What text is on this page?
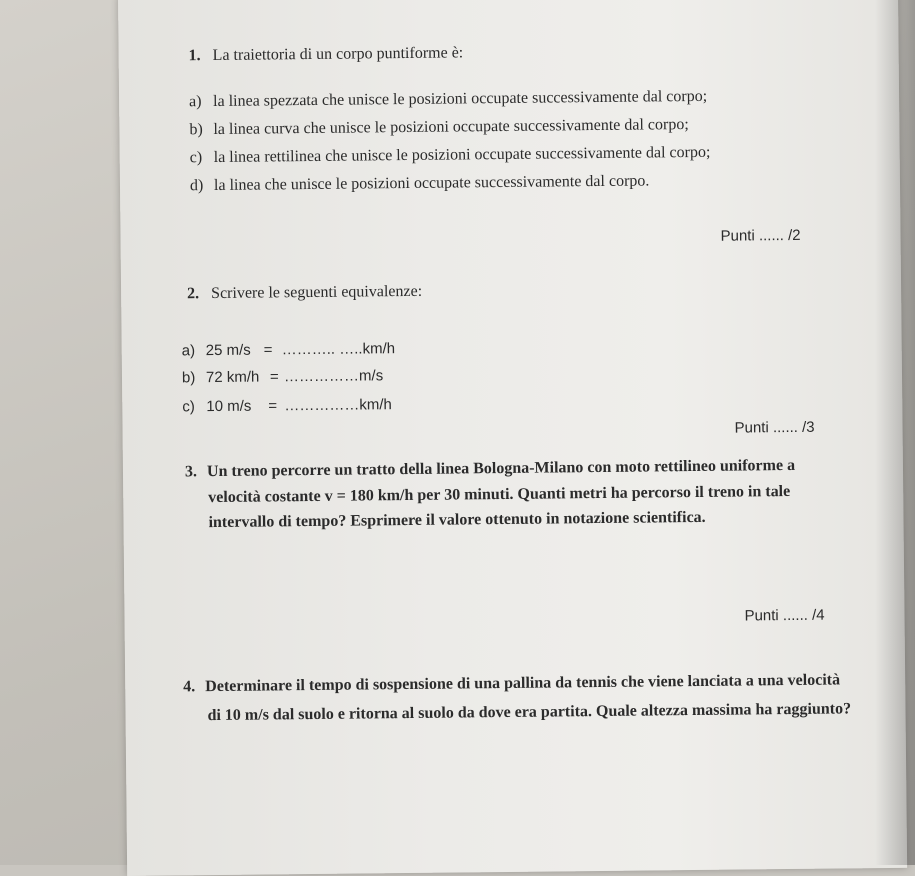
1. La traiettoria di un corpo puntiforme è:
a) la linea spezzata che unisce le posizioni occupate successivamente dal corpo;
b) la linea curva che unisce le posizioni occupate successivamente dal corpo;
c) la linea rettilinea che unisce le posizioni occupate successivamente dal corpo;
d) la linea che unisce le posizioni occupate successivamente dal corpo.
Punti ...... /2
2. Scrivere le seguenti equivalenze:
a) 25 m/s = ……….. …..km/h
b) 72 km/h = ……………m/s
c) 10 m/s = ……………km/h
Punti ...... /3
3. Un treno percorre un tratto della linea Bologna-Milano con moto rettilineo uniforme a
velocità costante v = 180 km/h per 30 minuti. Quanti metri ha percorso il treno in tale
intervallo di tempo? Esprimere il valore ottenuto in notazione scientifica.
Punti ...... /4
4. Determinare il tempo di sospensione di una pallina da tennis che viene lanciata a una velocità
di 10 m/s dal suolo e ritorna al suolo da dove era partita. Quale altezza massima ha raggiunto?
